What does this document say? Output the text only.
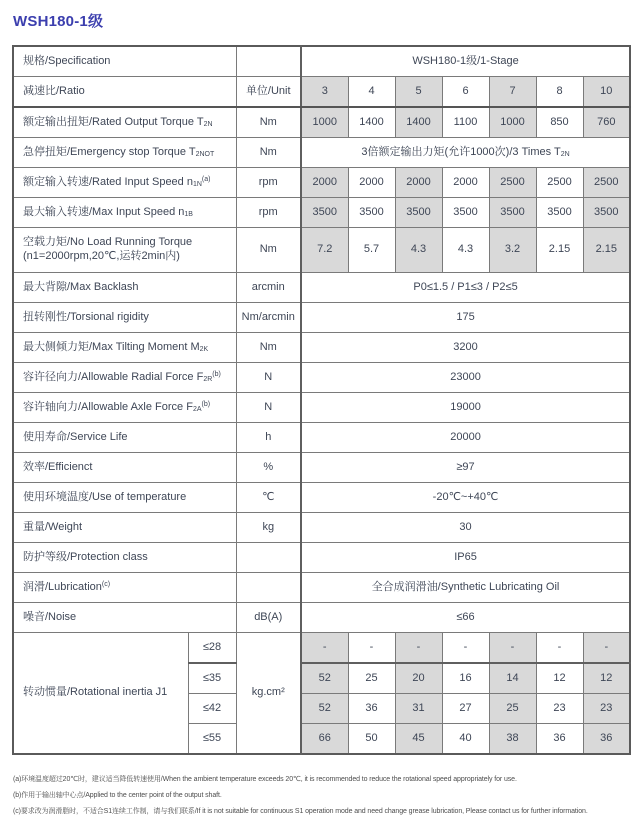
WSH180-1级
规格/Specification			WSH180-1级/1-Stage						
减速比/Ratio		单位/Unit	3	4	5	6	7	8	10
额定输出扭矩/Rated Output Torque $T_{2N}$		Nm	1000	1400	1400	1100	1000	850	760
急停扭矩/Emergency stop Torque $T_{2NOT}$		Nm	3倍额定输出力矩(允许1000次)/3 Times $T_{2N}$
额定输入转速/Rated Input Speed $n_{1N}^{(a)}$		rpm	2000	2000	2000	2000	2500	2500	2500
最大输入转速/Max Input Speed $n_{1B}$		rpm	3500	3500	3500	3500	3500	3500	3500
空载力矩/No Load Running Torque
(n1=2000rpm,20℃,运转2min内)		Nm	7.2	5.7	4.3	4.3	3.2	2.15	2.15
最大背隙/Max Backlash		arcmin	P0≤1.5 / P1≤3 / P2≤5						
扭转刚性/Torsional rigidity		Nm/arcmin	175						
最大侧倾力矩/Max Tilting Moment $M_{2K}$		Nm	3200						
容许径向力/Allowable Radial Force $F_{2R}^{(b)}$		N	23000						
容许轴向力/Allowable Axle Force $F_{2A}^{(b)}$		N	19000						
使用寿命/Service Life		h	20000						
效率/Efficienct		%	≥97						
使用环境温度/Use of temperature		℃	-20℃~+40℃						
重量/Weight		kg	30						
防护等级/Protection class			IP65						
润滑/Lubrication$^{(c)}$			全合成润滑油/Synthetic Lubricating Oil						
噪音/Noise		dB(A)	≤66						
转动惯量/Rotational inertia J1	≤28	kg.cm²	-	-	-	-	-	-	-
	≤35		52	25	20	16	14	12	12
	≤42		52	36	31	27	25	23	23
	≤55		66	50	45	40	38	36	36
(a)环境温度超过20℃时，建议适当降低转速使用/When the ambient temperature exceeds 20℃, it is recommended to reduce the rotational speed appropriately for use.
(b)作用于输出轴中心点/Applied to the center point of the output shaft.
(c)要求改为润滑脂时，不适合S1连续工作制，请与我们联系/If it is not suitable for continuous S1 operation mode and need change grease lubrication, Please contact us for further information.
